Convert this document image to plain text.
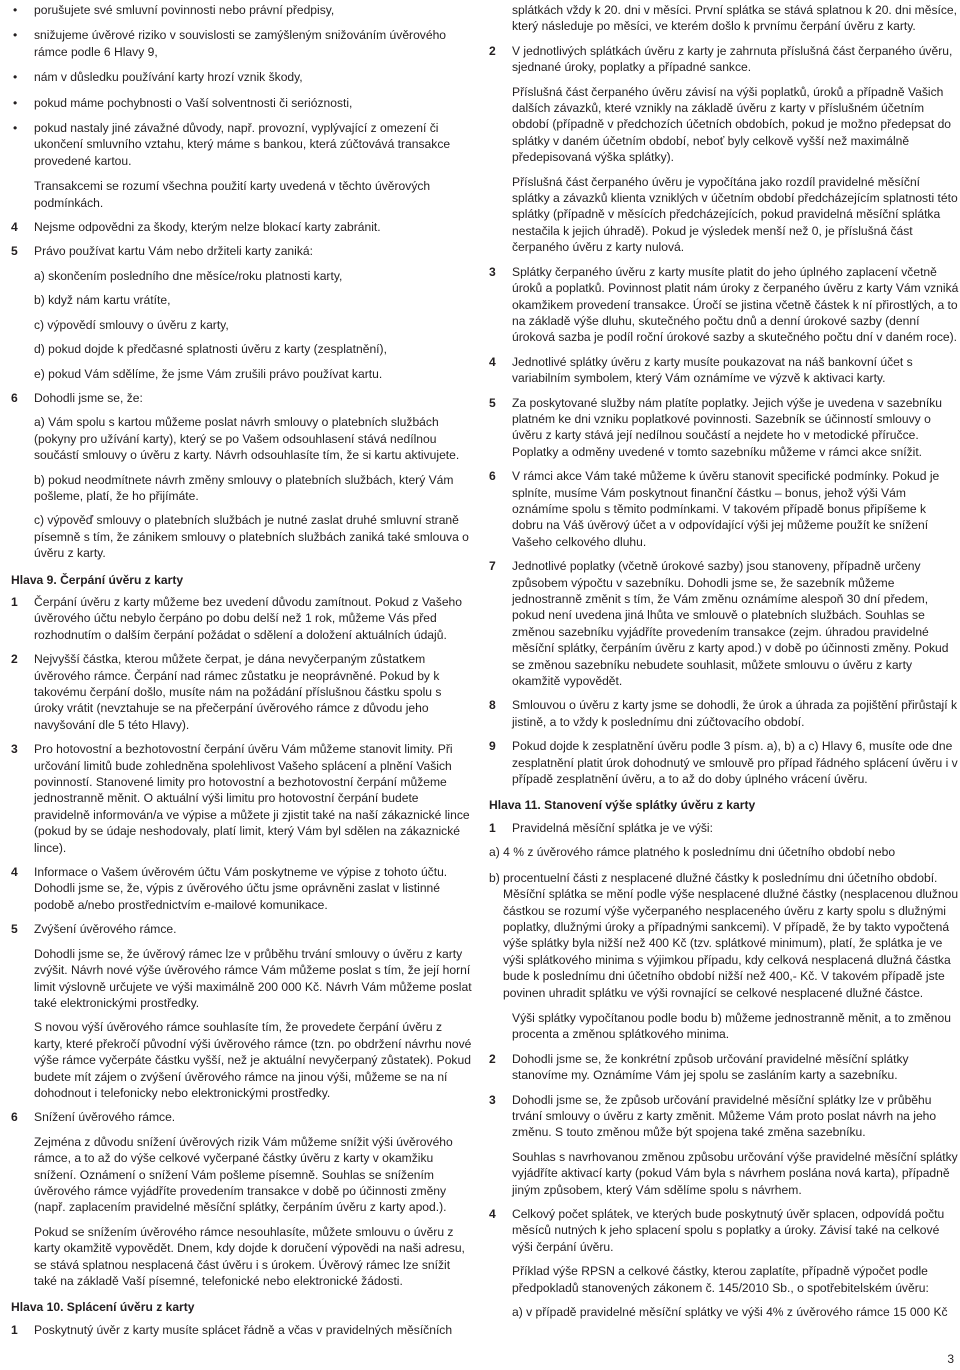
• porušujete své smluvní povinnosti nebo právní předpisy,
• snižujeme úvěrové riziko v souvislosti se zamýšleným snižováním úvěrového rámce podle 6 Hlavy 9,
• nám v důsledku používání karty hrozí vznik škody,
• pokud máme pochybnosti o Vaší solventnosti či serióznosti,
• pokud nastaly jiné závažné důvody, např. provozní, vyplývající z omezení či ukončení smluvního vztahu, který máme s bankou, která zúčtovává transakce provedené kartou.
Transakcemi se rozumí všechna použití karty uvedená v těchto úvěrových podmínkách.
4 Nejsme odpovědni za škody, kterým nelze blokací karty zabránit.
5 Právo používat kartu Vám nebo držiteli karty zaniká:
a) skončením posledního dne měsíce/roku platnosti karty,
b) když nám kartu vrátíte,
c) výpovědí smlouvy o úvěru z karty,
d) pokud dojde k předčasné splatnosti úvěru z karty (zesplatnění),
e) pokud Vám sdělíme, že jsme Vám zrušili právo používat kartu.
6 Dohodli jsme se, že:
a) Vám spolu s kartou můžeme poslat návrh smlouvy o platebních službách (pokyny pro užívání karty), který se po Vašem odsouhlasení stává nedílnou součástí smlouvy o úvěru z karty. Návrh odsouhlasíte tím, že si kartu aktivujete.
b) pokud neodmítnete návrh změny smlouvy o platebních službách, který Vám pošleme, platí, že ho přijímáte.
c) výpověď smlouvy o platebních službách je nutné zaslat druhé smluvní straně písemně s tím, že zánikem smlouvy o platebních službách zaniká také smlouva o úvěru z karty.
Hlava 9. Čerpání úvěru z karty
1 Čerpání úvěru z karty můžeme bez uvedení důvodu zamítnout. Pokud z Vašeho úvěrového účtu nebylo čerpáno po dobu delší než 1 rok, můžeme Vás před rozhodnutím o dalším čerpání požádat o sdělení a doložení aktuálních údajů.
2 Nejvyšší částka, kterou můžete čerpat, je dána nevyčerpaným zůstatkem úvěrového rámce. Čerpání nad rámec zůstatku je neoprávněné. Pokud by k takovému čerpání došlo, musíte nám na požádání příslušnou částku spolu s úroky vrátit (nevztahuje se na přečerpání úvěrového rámce z důvodu jeho navyšování dle 5 této Hlavy).
3 Pro hotovostní a bezhotovostní čerpání úvěru Vám můžeme stanovit limity. Při určování limitů bude zohledněna spolehlivost Vašeho splácení a plnění Vašich povinností. Stanovené limity pro hotovostní a bezhotovostní čerpání můžeme jednostranně měnit. O aktuální výši limitu pro hotovostní čerpání budete pravidelně informován/a ve výpise a můžete ji zjistit také na naší zákaznické lince (pokud by se údaje neshodovaly, platí limit, který Vám byl sdělen na zákaznické lince).
4 Informace o Vašem úvěrovém účtu Vám poskytneme ve výpise z tohoto účtu. Dohodli jsme se, že, výpis z úvěrového účtu jsme oprávněni zaslat v listinné podobě a/nebo prostřednictvím e-mailové komunikace.
5 Zvýšení úvěrového rámce.
Dohodli jsme se, že úvěrový rámec lze v průběhu trvání smlouvy o úvěru z karty zvýšit. Návrh nové výše úvěrového rámce Vám můžeme poslat s tím, že její horní limit výslovně určujete ve výši maximálně 200 000 Kč. Návrh Vám můžeme poslat také elektronickými prostředky.
S novou výší úvěrového rámce souhlasíte tím, že provedete čerpání úvěru z karty, které překročí původní výši úvěrového rámce (tzn. po obdržení návrhu nové výše rámce vyčerpáte částku vyšší, než je aktuální nevyčerpaný zůstatek). Pokud budete mít zájem o zvýšení úvěrového rámce na jinou výši, můžeme se na ní dohodnout i telefonicky nebo elektronickými prostředky.
6 Snížení úvěrového rámce.
Zejména z důvodu snížení úvěrových rizik Vám můžeme snížit výši úvěrového rámce, a to až do výše celkové vyčerpané částky úvěru z karty v okamžiku snížení. Oznámení o snížení Vám pošleme písemně. Souhlas se snížením úvěrového rámce vyjádříte provedením transakce v době po účinnosti změny (např. zaplacením pravidelné měsíční splátky, čerpáním úvěru z karty apod.).
Pokud se snížením úvěrového rámce nesouhlasíte, můžete smlouvu o úvěru z karty okamžitě vypovědět. Dnem, kdy dojde k doručení výpovědi na naši adresu, se stává splatnou nesplacená část úvěru i s úrokem. Úvěrový rámec lze snížit také na základě Vaší písemné, telefonické nebo elektronické žádosti.
Hlava 10. Splácení úvěru z karty
1 Poskytnutý úvěr z karty musíte splácet řádně a včas v pravidelných měsíčních
splátkách vždy k 20. dni v měsíci. První splátka se stává splatnou k 20. dni měsíce, který následuje po měsíci, ve kterém došlo k prvnímu čerpání úvěru z karty.
2 V jednotlivých splátkách úvěru z karty je zahrnuta příslušná část čerpaného úvěru, sjednané úroky, poplatky a případné sankce.
Příslušná část čerpaného úvěru závisí na výši poplatků, úroků a případně Vašich dalších závazků, které vznikly na základě úvěru z karty v příslušném účetním období (případně v předchozích účetních obdobích, pokud je možno předepsat do splátky v daném účetním období, neboť byly celkově vyšší než maximálně předepisovaná výška splátky).
Příslušná část čerpaného úvěru je vypočítána jako rozdíl pravidelné měsíční splátky a závazků klienta vzniklých v účetním období předcházejícím splatnosti této splátky (případně v měsících předcházejících, pokud pravidelná měsíční splátka nestačila k jejich úhradě). Pokud je výsledek menší než 0, je příslušná část čerpaného úvěru z karty nulová.
3 Splátky čerpaného úvěru z karty musíte platit do jeho úplného zaplacení včetně úroků a poplatků. Povinnost platit nám úroky z čerpaného úvěru z karty Vám vzniká okamžikem provedení transakce. Úročí se jistina včetně částek k ní přirostlých, a to na základě výše dluhu, skutečného počtu dnů a denní úrokové sazby (denní úroková sazba je podíl roční úrokové sazby a skutečného počtu dní v daném roce).
4 Jednotlivé splátky úvěru z karty musíte poukazovat na náš bankovní účet s variabilním symbolem, který Vám oznámíme ve výzvě k aktivaci karty.
5 Za poskytované služby nám platíte poplatky. Jejich výše je uvedena v sazebníku platném ke dni vzniku poplatkové povinnosti. Sazebník se účinností smlouvy o úvěru z karty stává její nedílnou součástí a nejdete ho v metodické příručce. Poplatky a odměny uvedené v tomto sazebníku můžeme v rámci akce snížit.
6 V rámci akce Vám také můžeme k úvěru stanovit specifické podmínky. Pokud je splníte, musíme Vám poskytnout finanční částku – bonus, jehož výši Vám oznámíme spolu s těmito podmínkami. V takovém případě bonus připíšeme k dobru na Váš úvěrový účet a v odpovídající výši jej můžeme použít ke snížení Vašeho celkového dluhu.
7 Jednotlivé poplatky (včetně úrokové sazby) jsou stanoveny, případně určeny způsobem výpočtu v sazebníku. Dohodli jsme se, že sazebník můžeme jednostranně změnit s tím, že Vám změnu oznámíme alespoň 30 dní předem, pokud není uvedena jiná lhůta ve smlouvě o platebních službách. Souhlas se změnou sazebníku vyjádříte provedením transakce (zejm. úhradou pravidelné měsíční splátky, čerpáním úvěru z karty apod.) v době po účinnosti změny. Pokud se změnou sazebníku nebudete souhlasit, můžete smlouvu o úvěru z karty okamžitě vypovědět.
8 Smlouvou o úvěru z karty jsme se dohodli, že úrok a úhrada za pojištění přirůstají k jistině, a to vždy k poslednímu dni zúčtovacího období.
9 Pokud dojde k zesplatnění úvěru podle 3 písm. a), b) a c) Hlavy 6, musíte ode dne zesplatnění platit úrok dohodnutý ve smlouvě pro případ řádného splácení úvěru i v případě zesplatnění úvěru, a to až do doby úplného vrácení úvěru.
Hlava 11. Stanovení výše splátky úvěru z karty
1 Pravidelná měsíční splátka je ve výši:
a) 4 % z úvěrového rámce platného k poslednímu dni účetního období nebo
b) procentuelní části z nesplacené dlužné částky k poslednímu dni účetního období. Měsíční splátka se mění podle výše nesplacené dlužné částky (nesplacenou dlužnou částkou se rozumí výše vyčerpaného nesplaceného úvěru z karty spolu s dlužnými poplatky, dlužnými úroky a případnými sankcemi). V případě, že by takto vypočtená výše splátky byla nižší než 400 Kč (tzv. splátkové minimum), platí, že splátka je ve výši splátkového minima s výjimkou případu, kdy celková nesplacená dlužná částka bude k poslednímu dni účetního období nižší než 400,- Kč. V takovém případě jste povinen uhradit splátku ve výši rovnající se celkové nesplacené dlužné částce.
Výši splátky vypočítanou podle bodu b) můžeme jednostranně měnit, a to změnou procenta a změnou splátkového minima.
2 Dohodli jsme se, že konkrétní způsob určování pravidelné měsíční splátky stanovíme my. Oznámíme Vám jej spolu se zasláním karty a sazebníku.
3 Dohodli jsme se, že způsob určování pravidelné měsíční splátky lze v průběhu trvání smlouvy o úvěru z karty změnit. Můžeme Vám proto poslat návrh na jeho změnu. S touto změnou může být spojena také změna sazebníku.
Souhlas s navrhovanou změnou způsobu určování výše pravidelné měsíční splátky vyjádříte aktivací karty (pokud Vám byla s návrhem poslána nová karta), případně jiným způsobem, který Vám sdělíme spolu s návrhem.
4 Celkový počet splátek, ve kterých bude poskytnutý úvěr splacen, odpovídá počtu měsíců nutných k jeho splacení spolu s poplatky a úroky. Závisí také na celkové výši čerpání úvěru.
Příklad výše RPSN a celkové částky, kterou zaplatíte, případně výpočet podle předpokladů stanovených zákonem č. 145/2010 Sb., o spotřebitelském úvěru:
a) v případě pravidelné měsíční splátky ve výši 4% z úvěrového rámce 15 000 Kč
3
